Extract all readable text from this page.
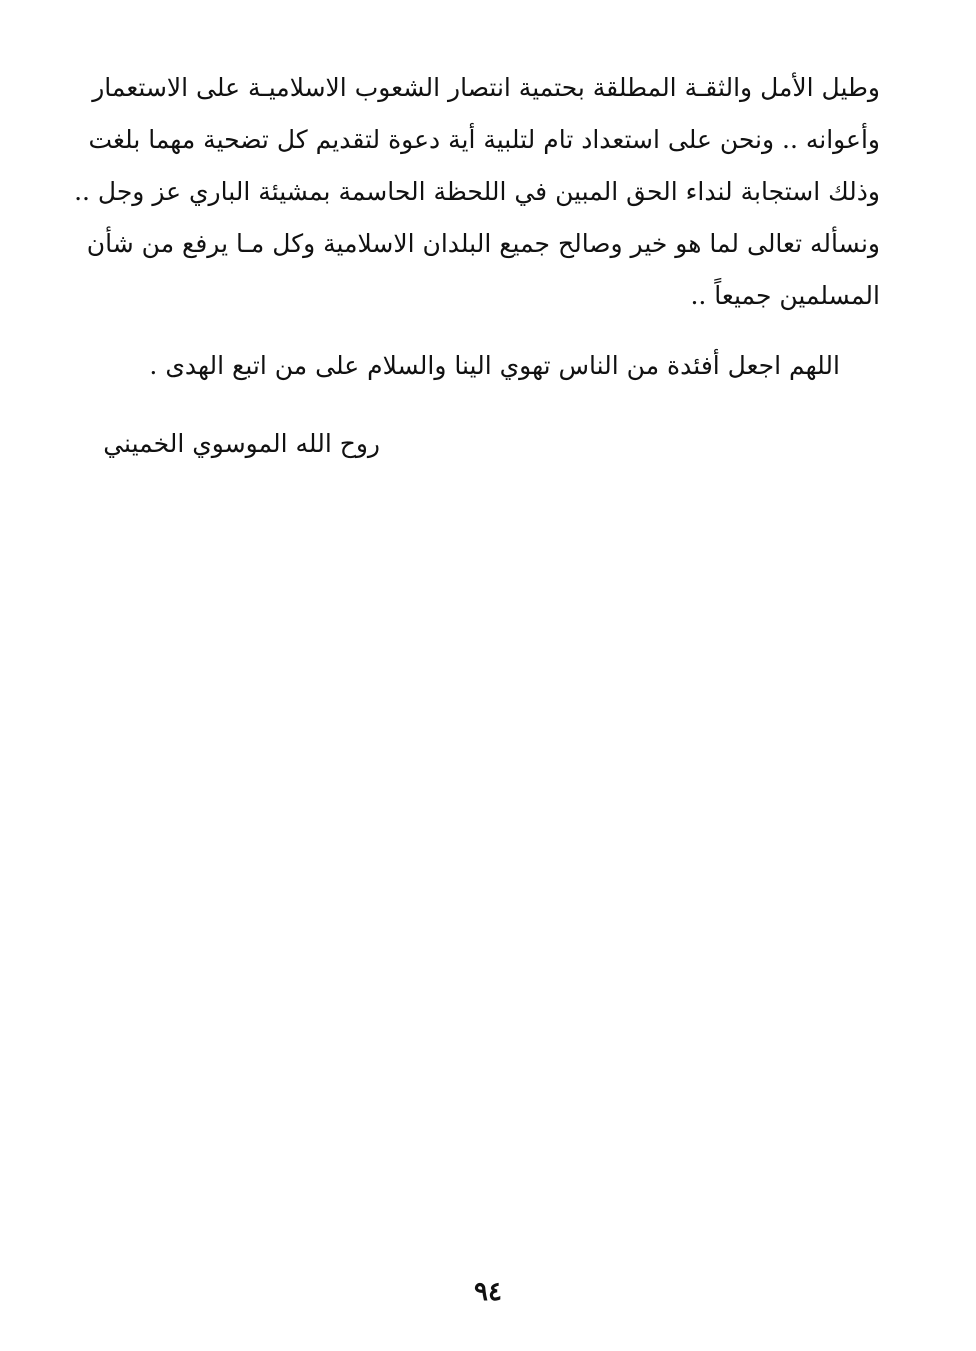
وطيل الأمل والثقـة المطلقة بحتمية انتصار الشعوب الاسلاميـة على الاستعمار
وأعوانه .. ونحن على استعداد تام لتلبية أية دعوة لتقديم كل تضحية مهما بلغت
وذلك استجابة لنداء الحق المبين في اللحظة الحاسمة بمشيئة الباري عز وجل ..
ونسأله تعالى لما هو خير وصالح جميع البلدان الاسلامية وكل مـا يرفع من شأن
المسلمين جميعاً ..
اللهم اجعل أفئدة من الناس تهوي الينا والسلام على من اتبع الهدى .
روح الله الموسوي الخميني
٩٤
